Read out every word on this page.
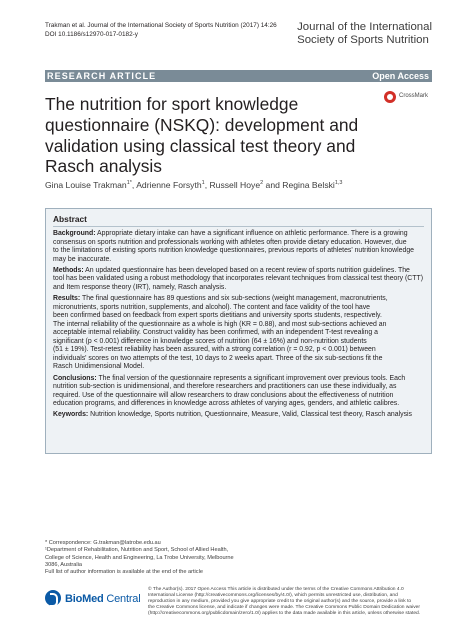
Trakman et al. Journal of the International Society of Sports Nutrition (2017) 14:26
DOI 10.1186/s12970-017-0182-y
Journal of the International
Society of Sports Nutrition
RESEARCH ARTICLE	Open Access
CrossMark
The nutrition for sport knowledge
questionnaire (NSKQ): development and
validation using classical test theory and
Rasch analysis
Gina Louise Trakman$^{1*}$, Adrienne Forsyth$^1$, Russell Hoye$^2$ and Regina Belski$^{1,3}$
Abstract
Background: Appropriate dietary intake can have a significant influence on athletic performance. There is a growing
consensus on sports nutrition and professionals working with athletes often provide dietary education. However, due
to the limitations of existing sports nutrition knowledge questionnaires, previous reports of athletes' nutrition knowledge
may be inaccurate.
Methods: An updated questionnaire has been developed based on a recent review of sports nutrition guidelines. The
tool has been validated using a robust methodology that incorporates relevant techniques from classical test theory (CTT)
and Item response theory (IRT), namely, Rasch analysis.
Results: The final questionnaire has 89 questions and six sub-sections (weight management, macronutrients,
micronutrients, sports nutrition, supplements, and alcohol). The content and face validity of the tool have
been confirmed based on feedback from expert sports dietitians and university sports students, respectively.
The internal reliability of the questionnaire as a whole is high (KR = 0.88), and most sub-sections achieved an
acceptable internal reliability. Construct validity has been confirmed, with an independent T-test revealing a
significant (p < 0.001) difference in knowledge scores of nutrition (64 ± 16%) and non-nutrition students
(51 ± 19%). Test-retest reliability has been assured, with a strong correlation (r = 0.92, p < 0.001) between
individuals' scores on two attempts of the test, 10 days to 2 weeks apart. Three of the six sub-sections fit the
Rasch Unidimensional Model.
Conclusions: The final version of the questionnaire represents a significant improvement over previous tools. Each
nutrition sub-section is unidimensional, and therefore researchers and practitioners can use these individually, as
required. Use of the questionnaire will allow researchers to draw conclusions about the effectiveness of nutrition
education programs, and differences in knowledge across athletes of varying ages, genders, and athletic calibres.
Keywords: Nutrition knowledge, Sports nutrition, Questionnaire, Measure, Valid, Classical test theory, Rasch analysis
* Correspondence: G.trakman@latrobe.edu.au
¹Department of Rehabilitation, Nutrition and Sport, School of Allied Health,
College of Science, Health and Engineering, La Trobe University, Melbourne
3086, Australia
Full list of author information is available at the end of the article
BioMed Central
© The Author(s). 2017 Open Access This article is distributed under the terms of the Creative Commons Attribution 4.0
International License (http://creativecommons.org/licenses/by/4.0/), which permits unrestricted use, distribution, and
reproduction in any medium, provided you give appropriate credit to the original author(s) and the source, provide a link to
the Creative Commons license, and indicate if changes were made. The Creative Commons Public Domain Dedication waiver
(http://creativecommons.org/publicdomain/zero/1.0/) applies to the data made available in this article, unless otherwise stated.
